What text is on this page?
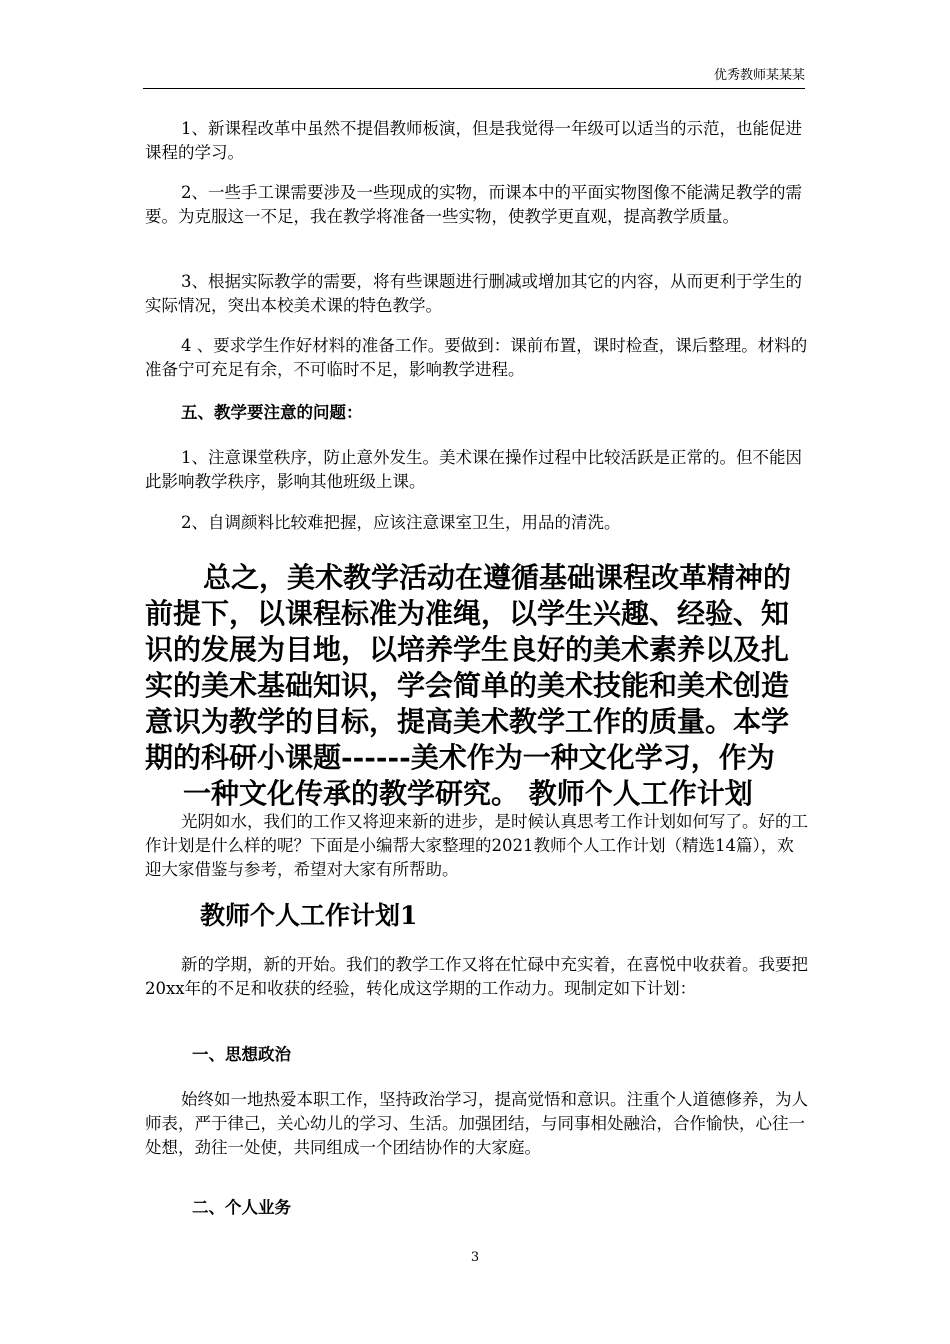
优秀教师某某某

1、新课程改革中虽然不提倡教师板演，但是我觉得一年级可以适当的示范，也能促进课程的学习。

2、一些手工课需要涉及一些现成的实物，而课本中的平面实物图像不能满足教学的需要。为克服这一不足，我在教学将准备一些实物，使教学更直观，提高教学质量。

3、根据实际教学的需要，将有些课题进行删减或增加其它的内容，从而更利于学生的实际情况，突出本校美术课的特色教学。

4 、要求学生作好材料的准备工作。要做到：课前布置，课时检查，课后整理。材料的准备宁可充足有余，不可临时不足，影响教学进程。

五、教学要注意的问题：

1、注意课堂秩序，防止意外发生。美术课在操作过程中比较活跃是正常的。但不能因此影响教学秩序，影响其他班级上课。

2、自调颜料比较难把握，应该注意课室卫生，用品的清洗。

总之，美术教学活动在遵循基础课程改革精神的前提下，以课程标准为准绳，以学生兴趣、经验、知识的发展为目地，以培养学生良好的美术素养以及扎实的美术基础知识，学会简单的美术技能和美术创造意识为教学的目标，提高美术教学工作的质量。本学期的科研小课题------美术作为一种文化学习，作为
一种文化传承的教学研究。 教师个人工作计划

光阴如水，我们的工作又将迎来新的进步，是时候认真思考工作计划如何写了。好的工作计划是什么样的呢？下面是小编帮大家整理的2021教师个人工作计划（精选14篇），欢迎大家借鉴与参考，希望对大家有所帮助。

教师个人工作计划1

新的学期，新的开始。我们的教学工作又将在忙碌中充实着，在喜悦中收获着。我要把20xx年的不足和收获的经验，转化成这学期的工作动力。现制定如下计划：

一、思想政治

始终如一地热爱本职工作，坚持政治学习，提高觉悟和意识。注重个人道德修养，为人师表，严于律己，关心幼儿的学习、生活。加强团结，与同事相处融洽，合作愉快，心往一处想，劲往一处使，共同组成一个团结协作的大家庭。

二、个人业务

3
